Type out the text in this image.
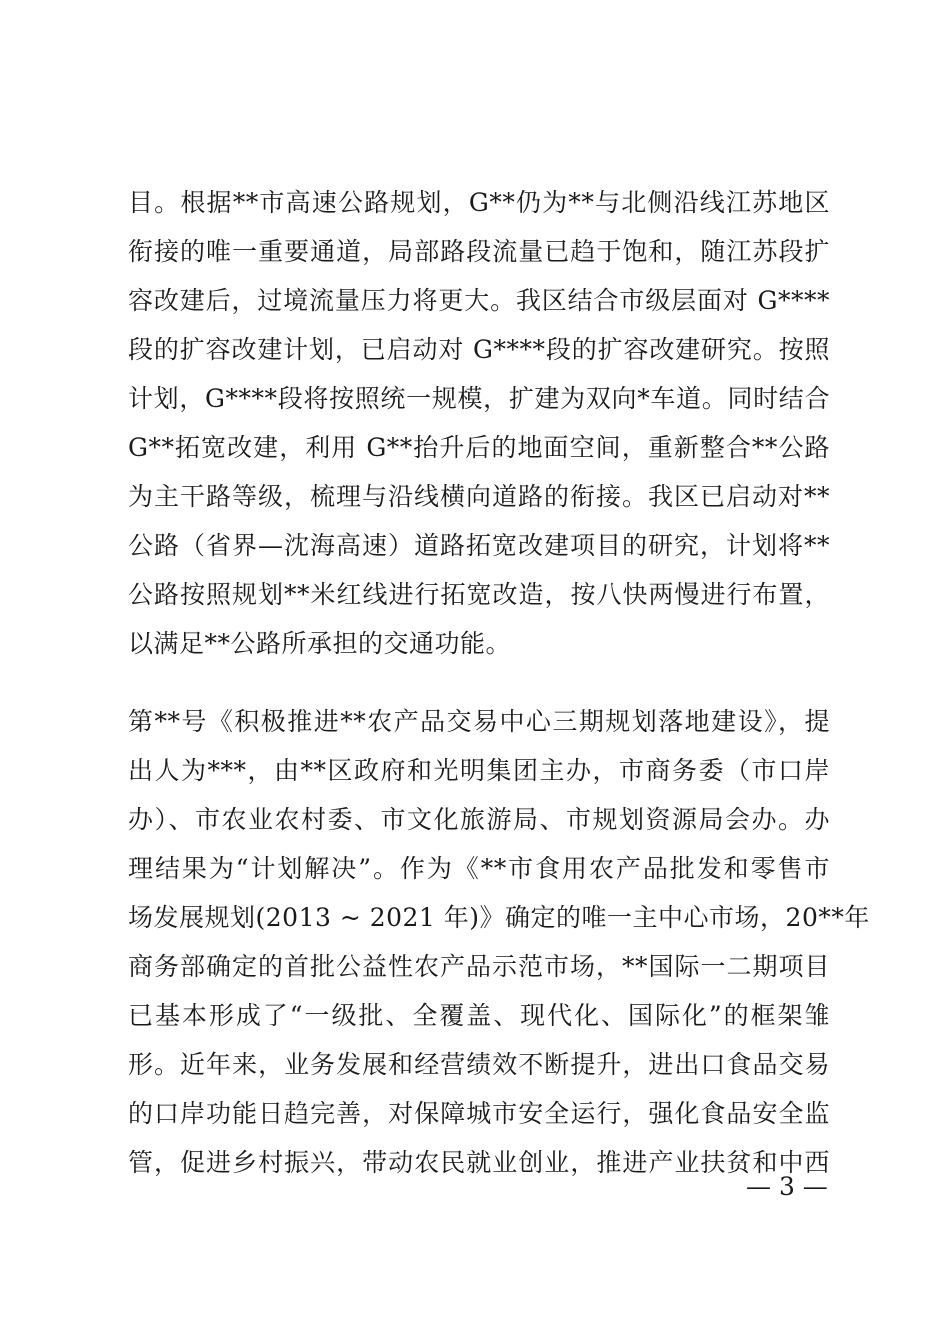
目。根据**市高速公路规划，G**仍为**与北侧沿线江苏地区
衔接的唯一重要通道，局部路段流量已趋于饱和，随江苏段扩
容改建后，过境流量压力将更大。我区结合市级层面对 G****
段的扩容改建计划，已启动对 G****段的扩容改建研究。按照
计划，G****段将按照统一规模，扩建为双向*车道。同时结合
G**拓宽改建，利用 G**抬升后的地面空间，重新整合**公路
为主干路等级，梳理与沿线横向道路的衔接。我区已启动对**
公路（省界—沈海高速）道路拓宽改建项目的研究，计划将**
公路按照规划**米红线进行拓宽改造，按八快两慢进行布置，
以满足**公路所承担的交通功能。
第**号《积极推进**农产品交易中心三期规划落地建设》，提
出人为***，由**区政府和光明集团主办，市商务委（市口岸
办）、市农业农村委、市文化旅游局、市规划资源局会办。办
理结果为“计划解决”。作为《**市食用农产品批发和零售市
场发展规划(2013 ~ 2021 年)》确定的唯一主中心市场，20**年
商务部确定的首批公益性农产品示范市场，**国际一二期项目
已基本形成了“一级批、全覆盖、现代化、国际化”的框架雏
形。近年来，业务发展和经营绩效不断提升，进出口食品交易
的口岸功能日趋完善，对保障城市安全运行，强化食品安全监
管，促进乡村振兴，带动农民就业创业，推进产业扶贫和中西
— 3 —
